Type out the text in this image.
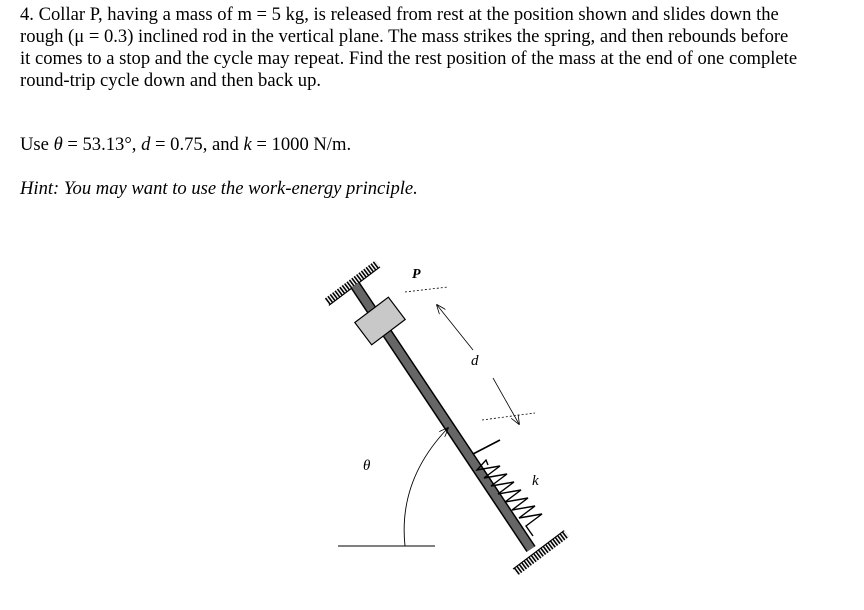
4. Collar P, having a mass of m = 5 kg, is released from rest at the position shown and slides down the

rough (μ = 0.3) inclined rod in the vertical plane. The mass strikes the spring, and then rebounds before

it comes to a stop and the cycle may repeat. Find the rest position of the mass at the end of one complete

round-trip cycle down and then back up.

Use θ = 53.13°, d = 0.75, and k = 1000 N/m.
Hint: You may want to use the work-energy principle.
P
d
k
θ
